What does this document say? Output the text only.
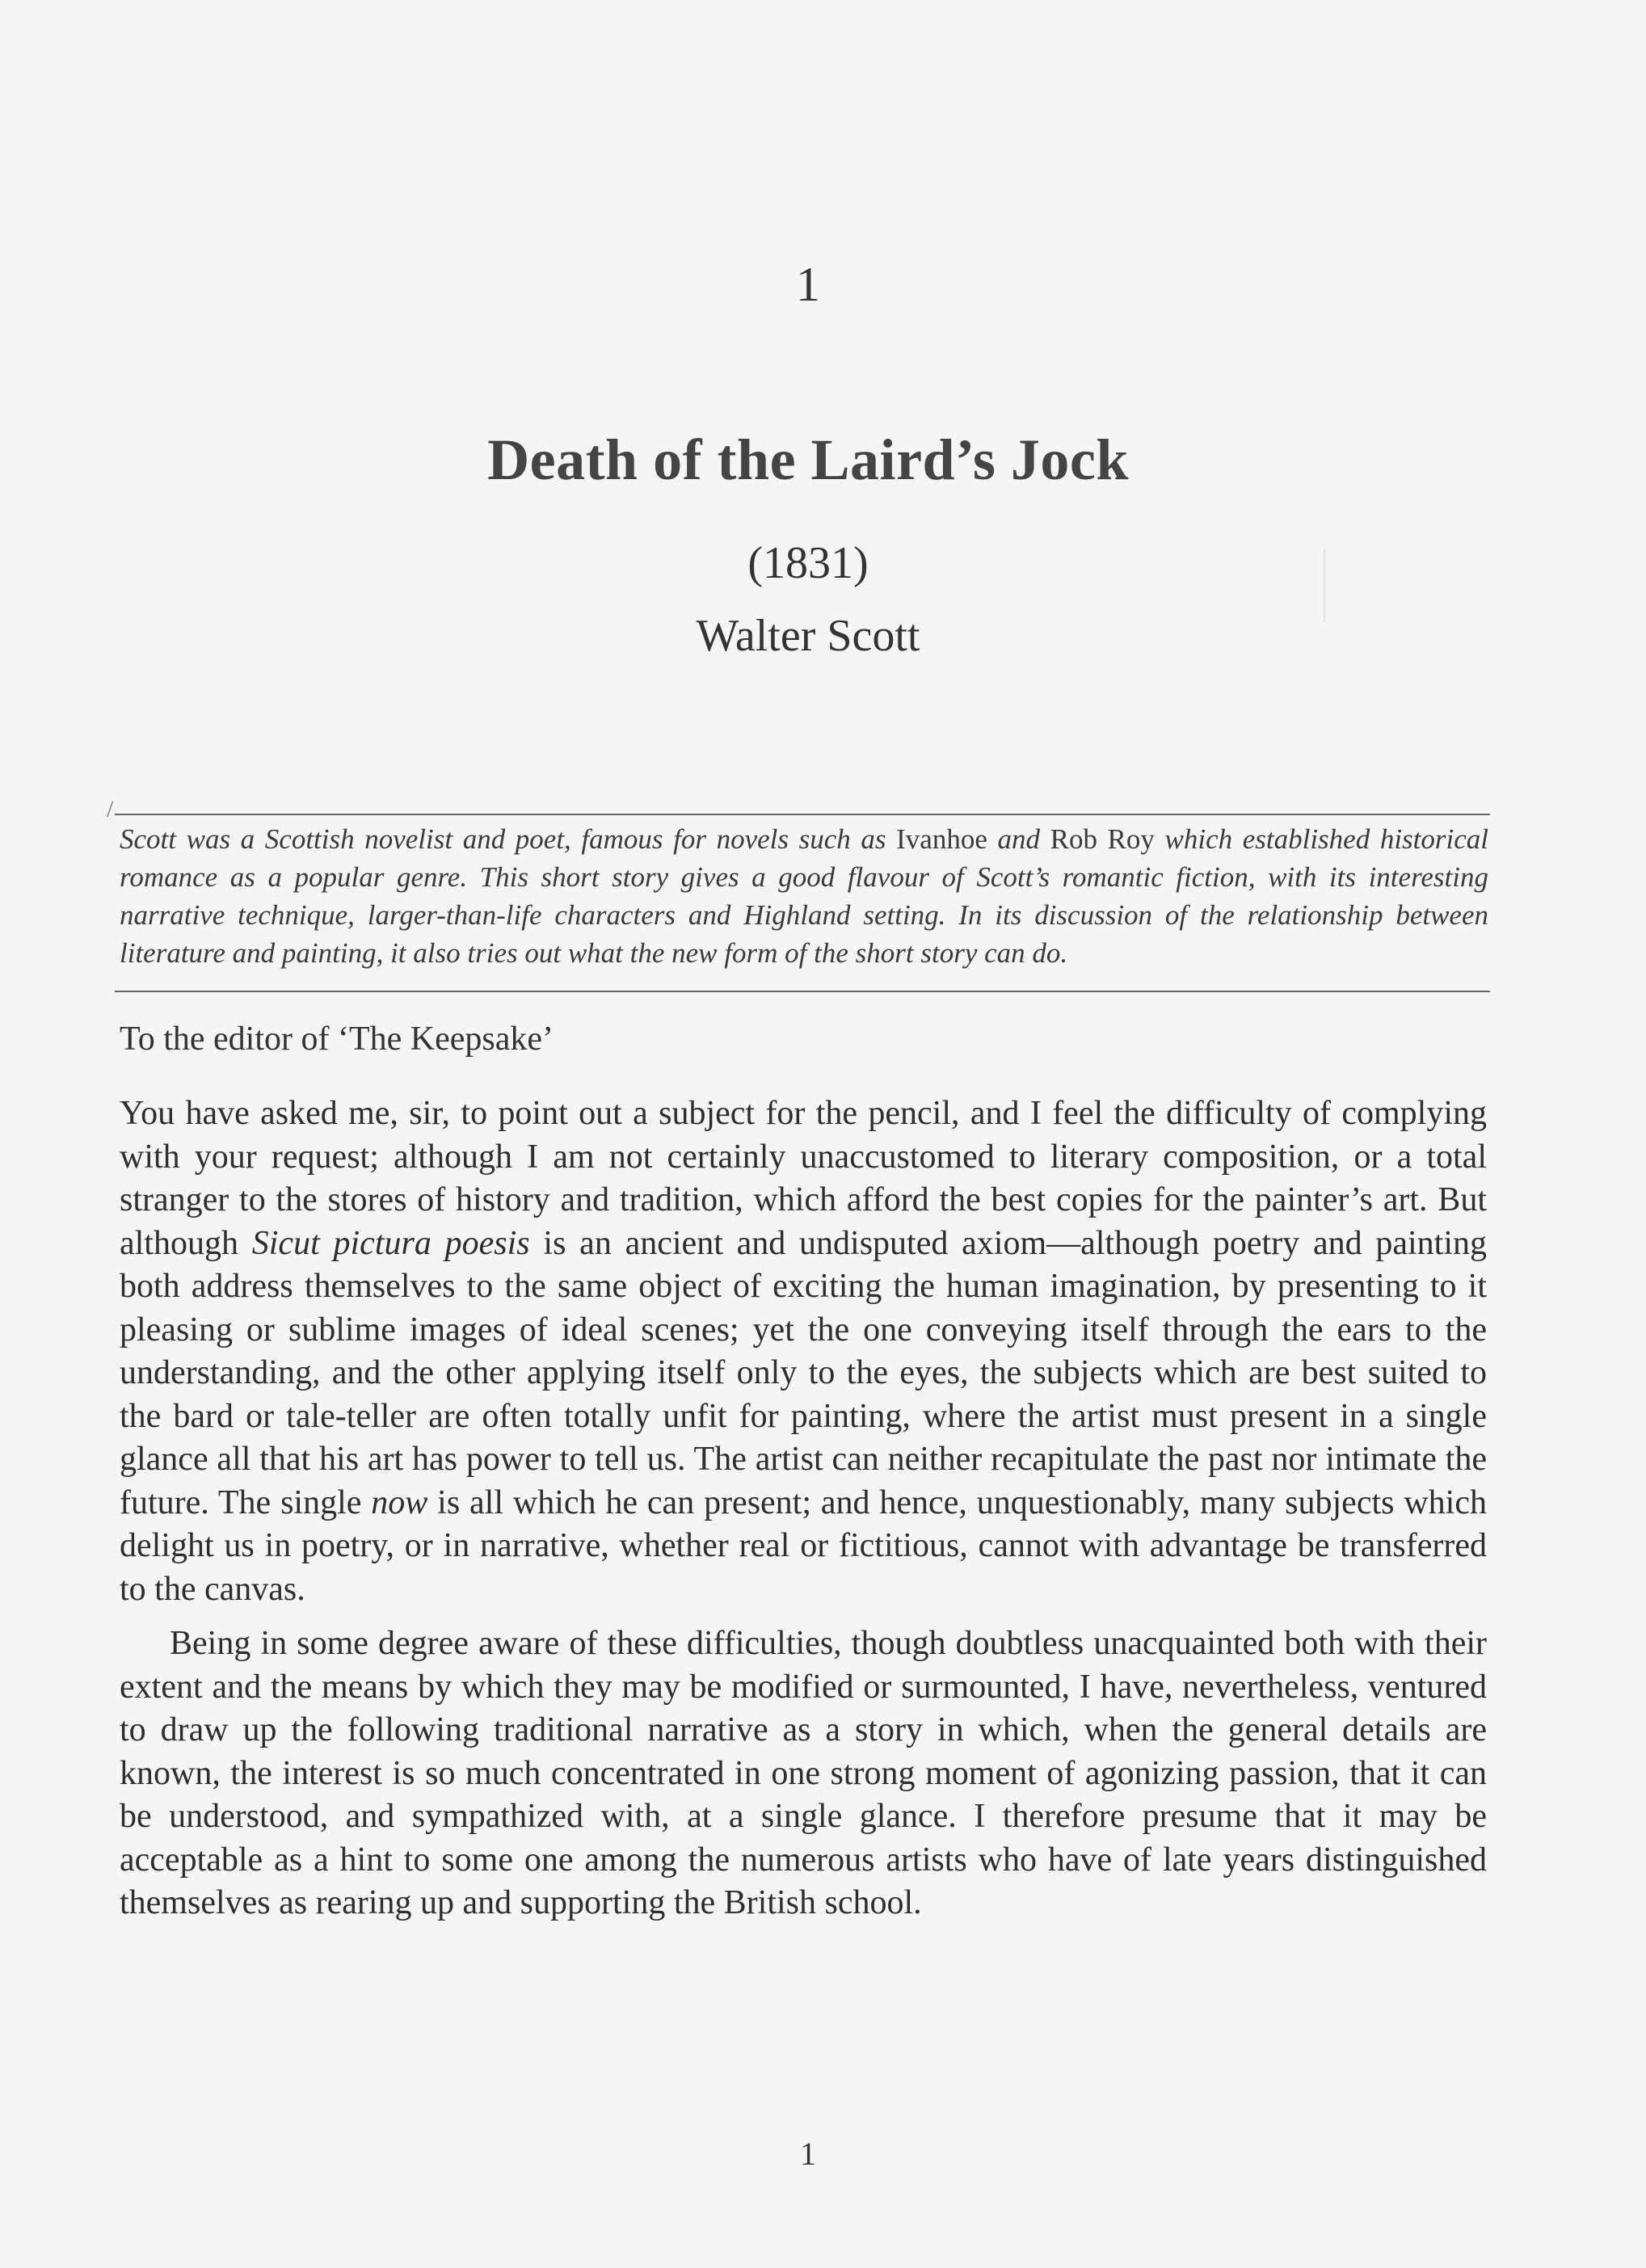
1
Death of the Laird’s Jock
(1831)
Walter Scott
/
Scott was a Scottish novelist and poet, famous for novels such as Ivanhoe and Rob Roy which established historical romance as a popular genre. This short story gives a good flavour of Scott’s romantic fiction, with its interesting narrative technique, larger-than-life characters and Highland setting. In its discussion of the relationship between literature and painting, it also tries out what the new form of the short story can do.
To the editor of ‘The Keepsake’

You have asked me, sir, to point out a subject for the pencil, and I feel the difficulty of complying with your request; although I am not certainly unaccustomed to literary composition, or a total stranger to the stores of history and tradition, which afford the best copies for the painter’s art. But although Sicut pictura poesis is an ancient and undisputed axiom—although poetry and painting both address themselves to the same object of exciting the human imagination, by presenting to it pleasing or sublime images of ideal scenes; yet the one conveying itself through the ears to the understanding, and the other applying itself only to the eyes, the subjects which are best suited to the bard or tale-teller are often totally unfit for painting, where the artist must present in a single glance all that his art has power to tell us. The artist can neither recapitulate the past nor intimate the future. The single now is all which he can present; and hence, unquestionably, many subjects which delight us in poetry, or in narrative, whether real or fictitious, cannot with advantage be transferred to the canvas.

Being in some degree aware of these difficulties, though doubtless unacquainted both with their extent and the means by which they may be modified or surmounted, I have, nevertheless, ventured to draw up the following traditional narrative as a story in which, when the general details are known, the interest is so much concentrated in one strong moment of agonizing passion, that it can be understood, and sympathized with, at a single glance. I therefore presume that it may be acceptable as a hint to some one among the numerous artists who have of late years distinguished themselves as rearing up and supporting the British school.

1
